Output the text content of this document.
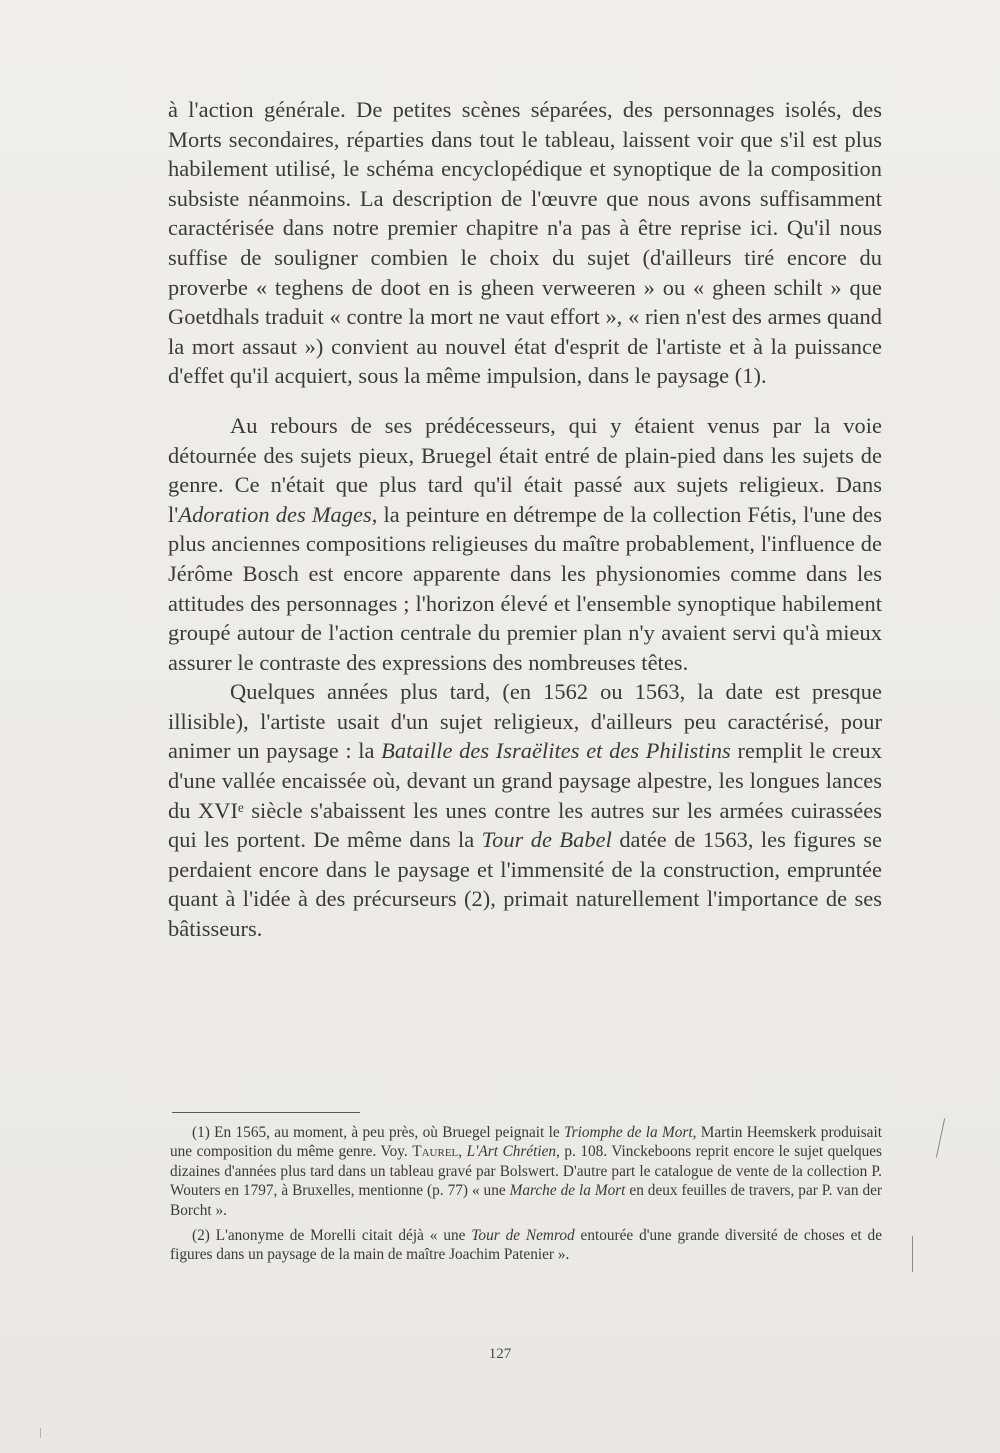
à l'action générale. De petites scènes séparées, des personnages isolés, des Morts secondaires, réparties dans tout le tableau, laissent voir que s'il est plus habilement utilisé, le schéma encyclopédique et synoptique de la composition subsiste néanmoins. La description de l'œuvre que nous avons suffisamment caractérisée dans notre premier chapitre n'a pas à être reprise ici. Qu'il nous suffise de souligner combien le choix du sujet (d'ailleurs tiré encore du proverbe « teghens de doot en is gheen verweeren » ou « gheen schilt » que Goetdhals traduit « contre la mort ne vaut effort », « rien n'est des armes quand la mort assaut ») convient au nouvel état d'esprit de l'artiste et à la puissance d'effet qu'il acquiert, sous la même impulsion, dans le paysage (1).

Au rebours de ses prédécesseurs, qui y étaient venus par la voie détournée des sujets pieux, Bruegel était entré de plain-pied dans les sujets de genre. Ce n'était que plus tard qu'il était passé aux sujets religieux. Dans l'Adoration des Mages, la peinture en détrempe de la collection Fétis, l'une des plus anciennes compositions religieuses du maître probablement, l'influence de Jérôme Bosch est encore apparente dans les physionomies comme dans les attitudes des personnages ; l'horizon élevé et l'ensemble synoptique habilement groupé autour de l'action centrale du premier plan n'y avaient servi qu'à mieux assurer le contraste des expressions des nombreuses têtes.

Quelques années plus tard, (en 1562 ou 1563, la date est presque illisible), l'artiste usait d'un sujet religieux, d'ailleurs peu caractérisé, pour animer un paysage : la Bataille des Israëlites et des Philistins remplit le creux d'une vallée encaissée où, devant un grand paysage alpestre, les longues lances du XVIᵉ siècle s'abaissent les unes contre les autres sur les armées cuirassées qui les portent. De même dans la Tour de Babel datée de 1563, les figures se perdaient encore dans le paysage et l'immensité de la construction, empruntée quant à l'idée à des précurseurs (2), primait naturellement l'importance de ses bâtisseurs.

(1) En 1565, au moment, à peu près, où Bruegel peignait le Triomphe de la Mort, Martin Heemskerk produisait une composition du même genre. Voy. Taurel, L'Art Chrétien, p. 108. Vinckeboons reprit encore le sujet quelques dizaines d'années plus tard dans un tableau gravé par Bolswert. D'autre part le catalogue de vente de la collection P. Wouters en 1797, à Bruxelles, mentionne (p. 77) « une Marche de la Mort en deux feuilles de travers, par P. van der Borcht ».

(2) L'anonyme de Morelli citait déjà « une Tour de Nemrod entourée d'une grande diversité de choses et de figures dans un paysage de la main de maître Joachim Patenier ».

127
